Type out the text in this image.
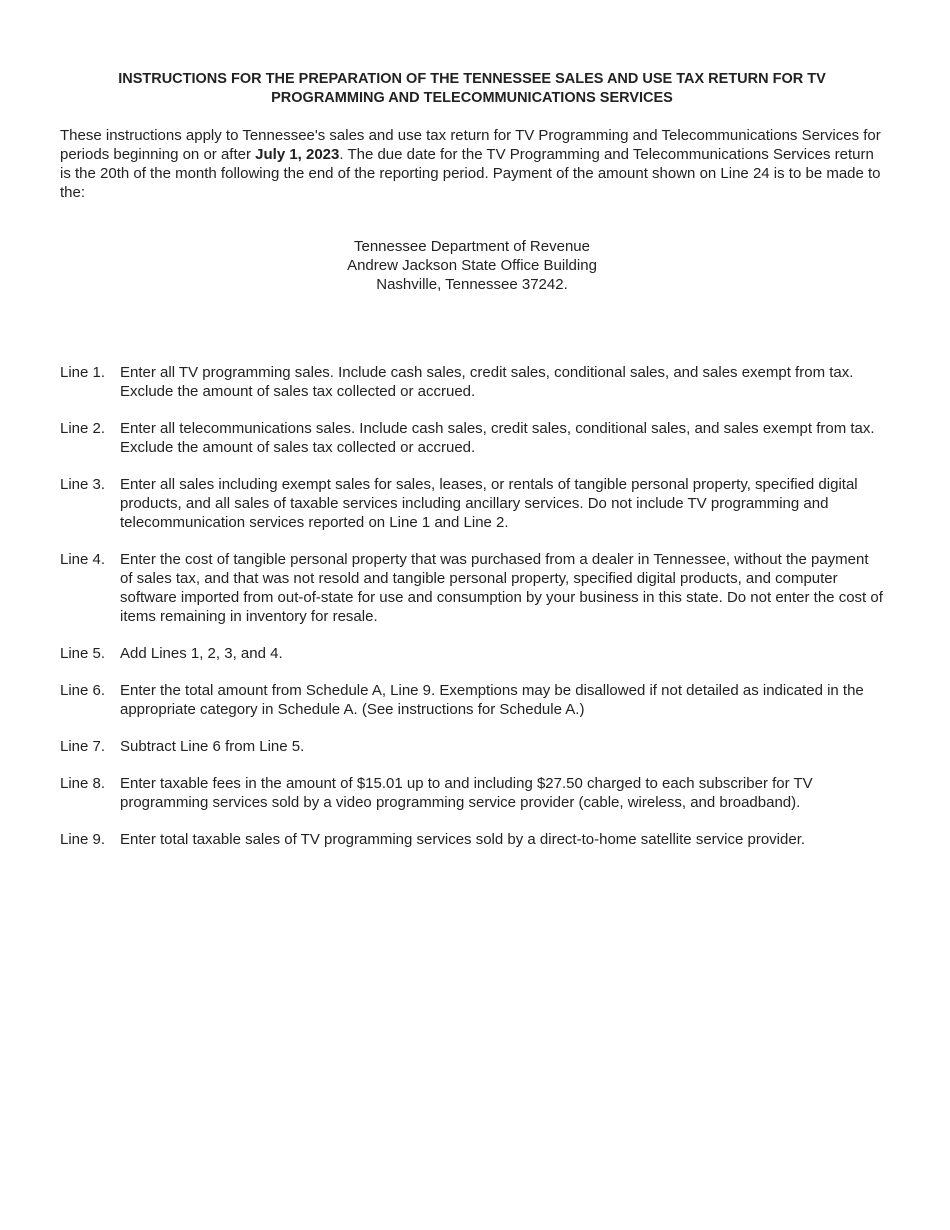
INSTRUCTIONS FOR THE PREPARATION OF THE TENNESSEE SALES AND USE TAX RETURN FOR TV PROGRAMMING AND TELECOMMUNICATIONS SERVICES

These instructions apply to Tennessee's sales and use tax return for TV Programming and Telecommunications Services for periods beginning on or after July 1, 2023. The due date for the TV Programming and Telecommunications Services return is the 20th of the month following the end of the reporting period. Payment of the amount shown on Line 24 is to be made to the:

Tennessee Department of Revenue
Andrew Jackson State Office Building
Nashville, Tennessee 37242.
Line 1. Enter all TV programming sales. Include cash sales, credit sales, conditional sales, and sales exempt from tax. Exclude the amount of sales tax collected or accrued.
Line 2. Enter all telecommunications sales. Include cash sales, credit sales, conditional sales, and sales exempt from tax. Exclude the amount of sales tax collected or accrued.
Line 3. Enter all sales including exempt sales for sales, leases, or rentals of tangible personal property, specified digital products, and all sales of taxable services including ancillary services. Do not include TV programming and telecommunication services reported on Line 1 and Line 2.
Line 4. Enter the cost of tangible personal property that was purchased from a dealer in Tennessee, without the payment of sales tax, and that was not resold and tangible personal property, specified digital products, and computer software imported from out-of-state for use and consumption by your business in this state. Do not enter the cost of items remaining in inventory for resale.
Line 5. Add Lines 1, 2, 3, and 4.
Line 6. Enter the total amount from Schedule A, Line 9. Exemptions may be disallowed if not detailed as indicated in the appropriate category in Schedule A. (See instructions for Schedule A.)
Line 7. Subtract Line 6 from Line 5.
Line 8. Enter taxable fees in the amount of $15.01 up to and including $27.50 charged to each subscriber for TV programming services sold by a video programming service provider (cable, wireless, and broadband).
Line 9. Enter total taxable sales of TV programming services sold by a direct-to-home satellite service provider.
